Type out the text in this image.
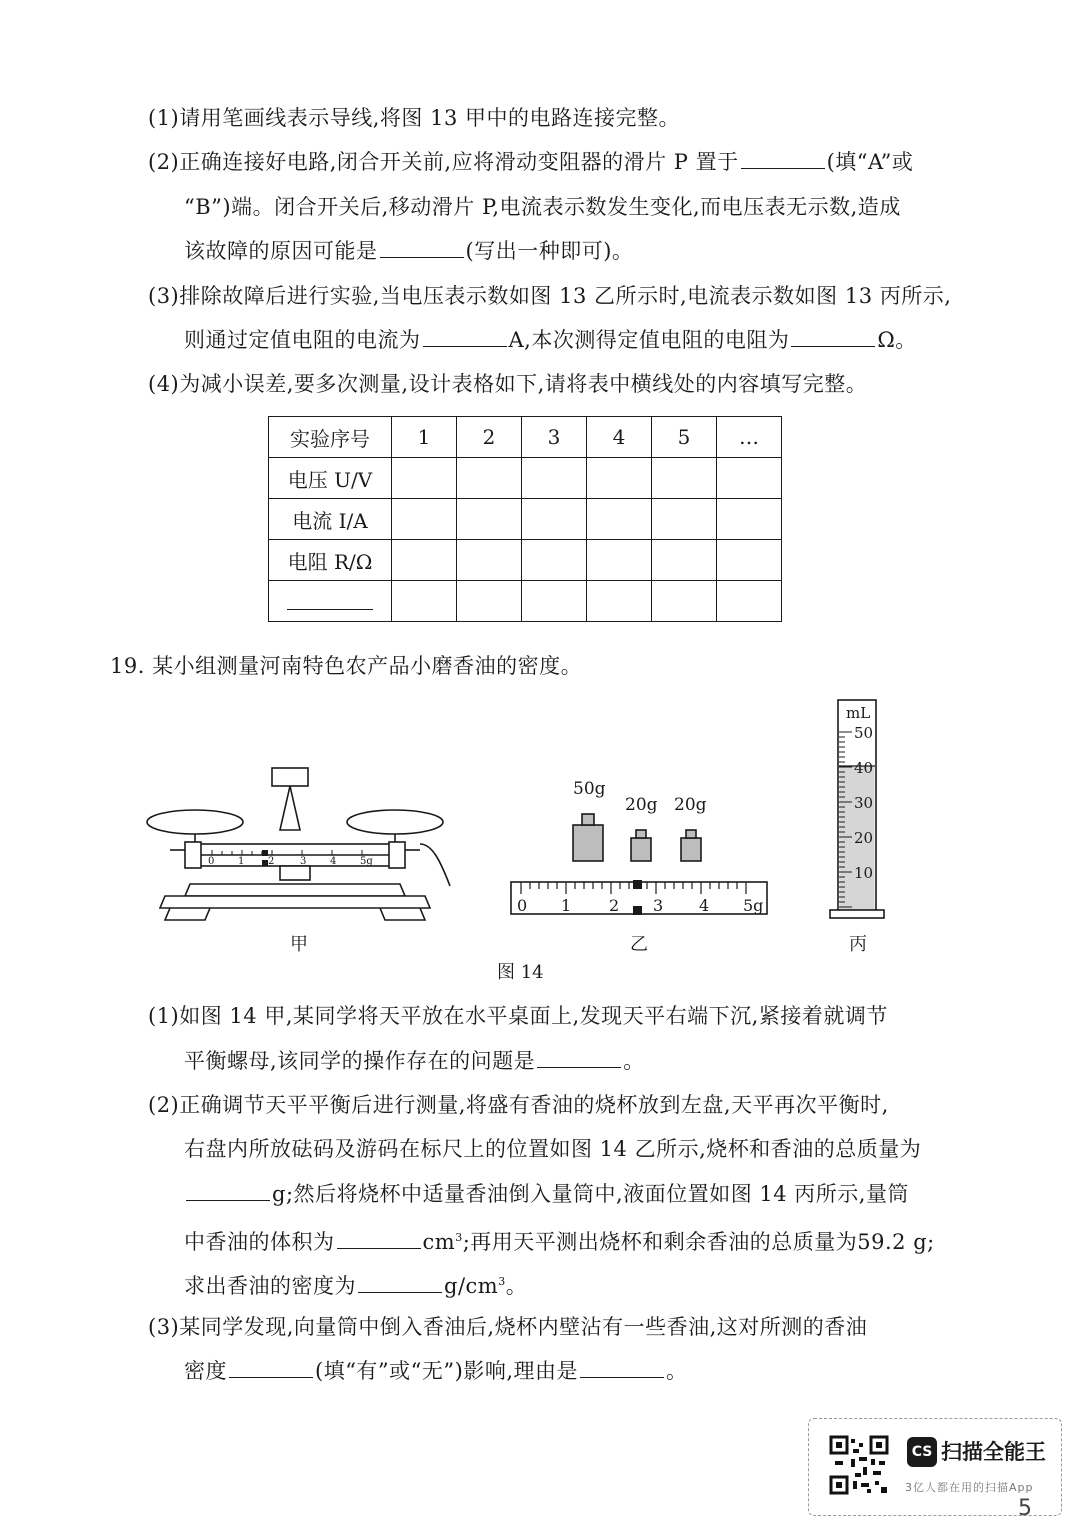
(1)请用笔画线表示导线,将图 13 甲中的电路连接完整。
(2)正确连接好电路,闭合开关前,应将滑动变阻器的滑片 P 置于	(填“A”或
“B”)端。闭合开关后,移动滑片 P,电流表示数发生变化,而电压表无示数,造成
该故障的原因可能是	(写出一种即可)。
(3)排除故障后进行实验,当电压表示数如图 13 乙所示时,电流表示数如图 13 丙所示,
则通过定值电阻的电流为	A,本次测得定值电阻的电阻为	Ω。
(4)为减小误差,要多次测量,设计表格如下,请将表中横线处的内容填写完整。
实验序号	1	2	3	4	5	…
电压 U/V						
电流 I/A						
电阻 R/Ω						

19. 某小组测量河南特色农产品小磨香油的密度。
0 1 2	3 4 5g
50g
20g 20g
0 1 2 3 4 5g
mL
50
40
30
20
10
甲	乙	丙
图 14
(1)如图 14 甲,某同学将天平放在水平桌面上,发现天平右端下沉,紧接着就调节
平衡螺母,该同学的操作存在的问题是	。
(2)正确调节天平平衡后进行测量,将盛有香油的烧杯放到左盘,天平再次平衡时,
右盘内所放砝码及游码在标尺上的位置如图 14 乙所示,烧杯和香油的总质量为
g;然后将烧杯中适量香油倒入量筒中,液面位置如图 14 丙所示,量筒
中香油的体积为	$cm^3$;再用天平测出烧杯和剩余香油的总质量为59.2 g;
求出香油的密度为	$g/cm^3$。
(3)某同学发现,向量筒中倒入香油后,烧杯内壁沾有一些香油,这对所测的香油
密度	(填“有”或“无”)影响,理由是	。
CS 扫描全能王
3亿人都在用的扫描App
5
